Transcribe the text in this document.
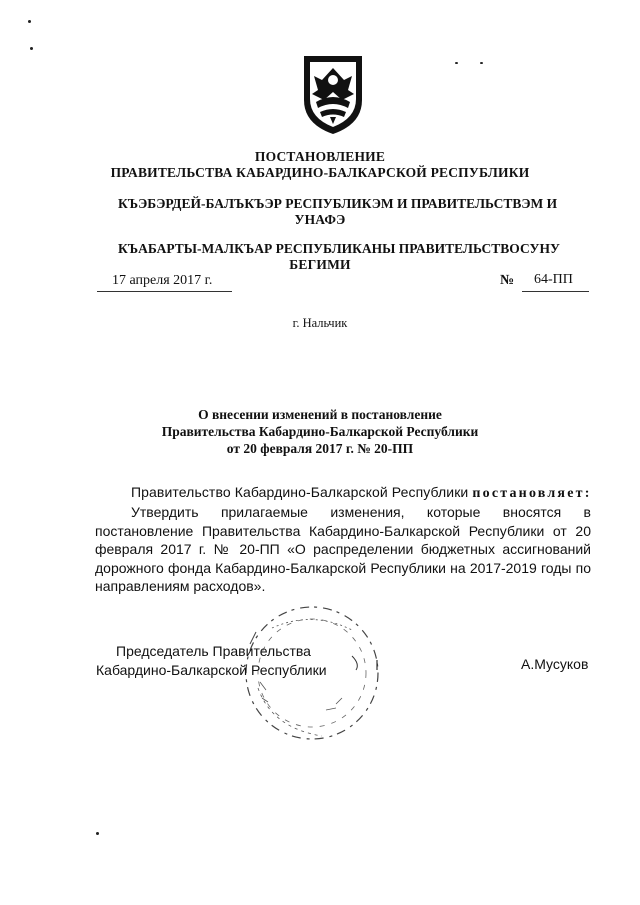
ПОСТАНОВЛЕНИЕ
ПРАВИТЕЛЬСТВА КАБАРДИНО-БАЛКАРСКОЙ РЕСПУБЛИКИ
КЪЭБЭРДЕЙ-БАЛЪКЪЭР РЕСПУБЛИКЭМ И ПРАВИТЕЛЬСТВЭМ И
УНАФЭ
КЪАБАРТЫ-МАЛКЪАР РЕСПУБЛИКАНЫ ПРАВИТЕЛЬСТВОСУНУ
БЕГИМИ
17 апреля 2017 г.	№ 64-ПП
г. Нальчик
О внесении изменений в постановление
Правительства Кабардино-Балкарской Республики
от 20 февраля 2017 г. № 20-ПП
Правительство Кабардино-Балкарской Республики постановляет:
Утвердить прилагаемые изменения, которые вносятся в постановление Правительства Кабардино-Балкарской Республики от 20 февраля 2017 г. № 20-ПП «О распределении бюджетных ассигнований дорожного фонда Кабардино-Балкарской Республики на 2017-2019 годы по направлениям расходов».
Председатель Правительства
Кабардино-Балкарской Республики	А.Мусуков
